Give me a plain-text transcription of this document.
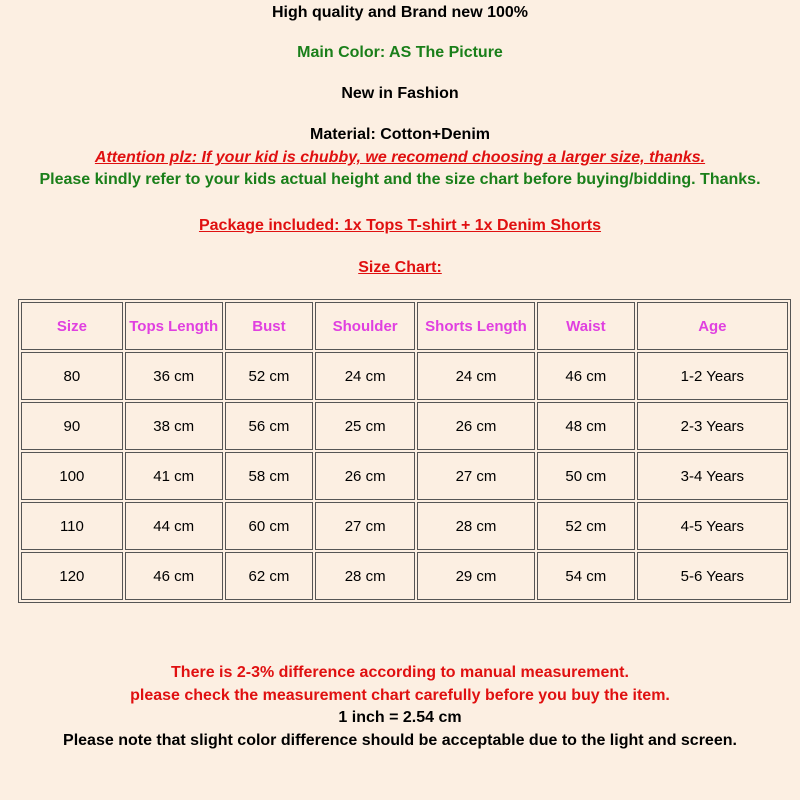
High quality and Brand new 100%
Main Color: AS The Picture
New in Fashion
Material: Cotton+Denim
Attention plz: If your kid is chubby, we recomend choosing a larger size, thanks.
Please kindly refer to your kids actual height and the size chart before buying/bidding. Thanks.
Package included: 1x Tops T-shirt + 1x Denim Shorts
Size Chart:
Size	Tops Length	Bust	Shoulder	Shorts Length	Waist	Age
80	36 cm	52 cm	24 cm	24 cm	46 cm	1-2 Years
90	38 cm	56 cm	25 cm	26 cm	48 cm	2-3 Years
100	41 cm	58 cm	26 cm	27 cm	50 cm	3-4 Years
110	44 cm	60 cm	27 cm	28 cm	52 cm	4-5 Years
120	46 cm	62 cm	28 cm	29 cm	54 cm	5-6 Years
There is 2-3% difference according to manual measurement.
please check the measurement chart carefully before you buy the item.
1 inch = 2.54 cm
Please note that slight color difference should be acceptable due to the light and screen.
